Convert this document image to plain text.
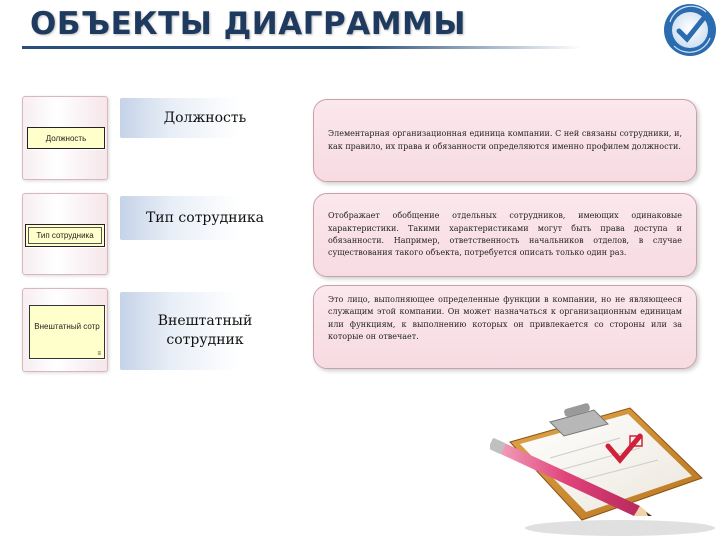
ОБЪЕКТЫ ДИАГРАММЫ
Должность
Должность
Элементарная организационная единица компании. С ней связаны сотрудники, и, как правило, их права и обязанности определяются именно профилем должности.
Тип сотрудника
Тип сотрудника	Отображает обобщение отдельных сотрудников, имеющих одинаковые характеристики. Такими характеристиками могут быть права доступа и обязанности. Например, ответственность начальников отделов, в случае существования такого объекта, потребуется описать только один раз.
Внештатный сотр
≡
Внештатный сотрудник
Это лицо, выполняющее определенные функции в компании, но не являющееся служащим этой компании. Он может назначаться к организационным единицам или функциям, к выполнению которых он привлекается со стороны или за которые он отвечает.
